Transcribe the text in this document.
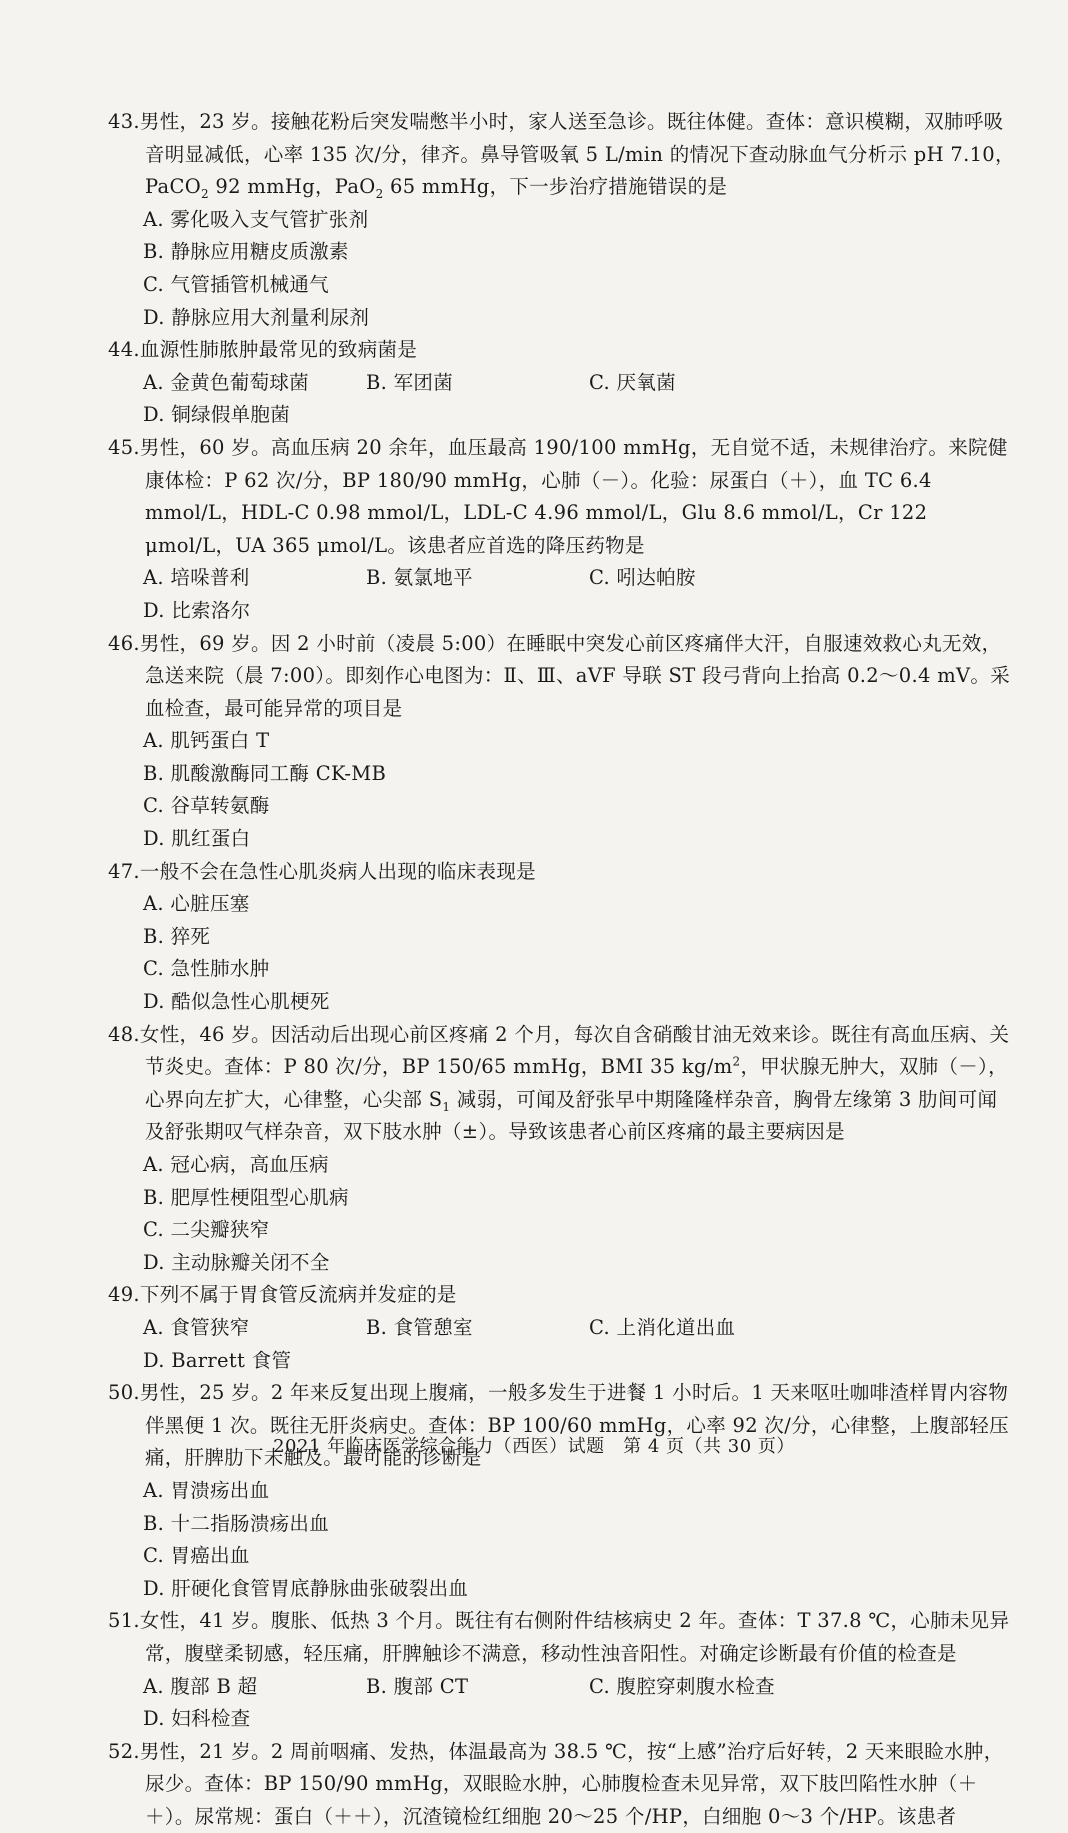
43.男性，23 岁。接触花粉后突发喘憋半小时，家人送至急诊。既往体健。查体：意识模糊，双肺呼吸音明显减低，心率 135 次/分，律齐。鼻导管吸氧 5 L/min 的情况下查动脉血气分析示 pH 7.10，PaCO$_2$ 92 mmHg，PaO$_2$ 65 mmHg，下一步治疗措施错误的是
A. 雾化吸入支气管扩张剂
B. 静脉应用糖皮质激素
C. 气管插管机械通气
D. 静脉应用大剂量利尿剂
44.血源性肺脓肿最常见的致病菌是
A. 金黄色葡萄球菌	B. 军团菌	C. 厌氧菌
D. 铜绿假单胞菌
45.男性，60 岁。高血压病 20 余年，血压最高 190/100 mmHg，无自觉不适，未规律治疗。来院健康体检：P 62 次/分，BP 180/90 mmHg，心肺（－）。化验：尿蛋白（＋），血 TC 6.4 mmol/L，HDL-C 0.98 mmol/L，LDL-C 4.96 mmol/L，Glu 8.6 mmol/L，Cr 122 μmol/L，UA 365 μmol/L。该患者应首选的降压药物是
A. 培哚普利	B. 氨氯地平	C. 吲达帕胺
D. 比索洛尔
46.男性，69 岁。因 2 小时前（凌晨 5:00）在睡眠中突发心前区疼痛伴大汗，自服速效救心丸无效，急送来院（晨 7:00）。即刻作心电图为：Ⅱ、Ⅲ、aVF 导联 ST 段弓背向上抬高 0.2～0.4 mV。采血检查，最可能异常的项目是
A. 肌钙蛋白 T
B. 肌酸激酶同工酶 CK-MB
C. 谷草转氨酶
D. 肌红蛋白
47.一般不会在急性心肌炎病人出现的临床表现是
A. 心脏压塞
B. 猝死
C. 急性肺水肿
D. 酷似急性心肌梗死
48.女性，46 岁。因活动后出现心前区疼痛 2 个月，每次自含硝酸甘油无效来诊。既往有高血压病、关节炎史。查体：P 80 次/分，BP 150/65 mmHg，BMI 35 $kg/m^2$，甲状腺无肿大，双肺（－），心界向左扩大，心律整，心尖部 $S_1$ 减弱，可闻及舒张早中期隆隆样杂音，胸骨左缘第 3 肋间可闻及舒张期叹气样杂音，双下肢水肿（±）。导致该患者心前区疼痛的最主要病因是
A. 冠心病，高血压病
B. 肥厚性梗阻型心肌病
C. 二尖瓣狭窄
D. 主动脉瓣关闭不全
49.下列不属于胃食管反流病并发症的是
A. 食管狭窄	B. 食管憩室	C. 上消化道出血
D. Barrett 食管
50.男性，25 岁。2 年来反复出现上腹痛，一般多发生于进餐 1 小时后。1 天来呕吐咖啡渣样胃内容物伴黑便 1 次。既往无肝炎病史。查体：BP 100/60 mmHg，心率 92 次/分，心律整，上腹部轻压痛，肝脾肋下未触及。最可能的诊断是
A. 胃溃疡出血
B. 十二指肠溃疡出血
C. 胃癌出血
D. 肝硬化食管胃底静脉曲张破裂出血
51.女性，41 岁。腹胀、低热 3 个月。既往有右侧附件结核病史 2 年。查体：T 37.8 ℃，心肺未见异常，腹壁柔韧感，轻压痛，肝脾触诊不满意，移动性浊音阳性。对确定诊断最有价值的检查是
A. 腹部 B 超	B. 腹部 CT	C. 腹腔穿刺腹水检查
D. 妇科检查
52.男性，21 岁。2 周前咽痛、发热，体温最高为 38.5 ℃，按“上感”治疗后好转，2 天来眼睑水肿，尿少。查体：BP 150/90 mmHg，双眼睑水肿，心肺腹检查未见异常，双下肢凹陷性水肿（＋＋）。尿常规：蛋白（＋＋），沉渣镜检红细胞 20～25 个/HP，白细胞 0～3 个/HP。该患者
2021 年临床医学综合能力（西医）试题　第 4 页（共 30 页）
